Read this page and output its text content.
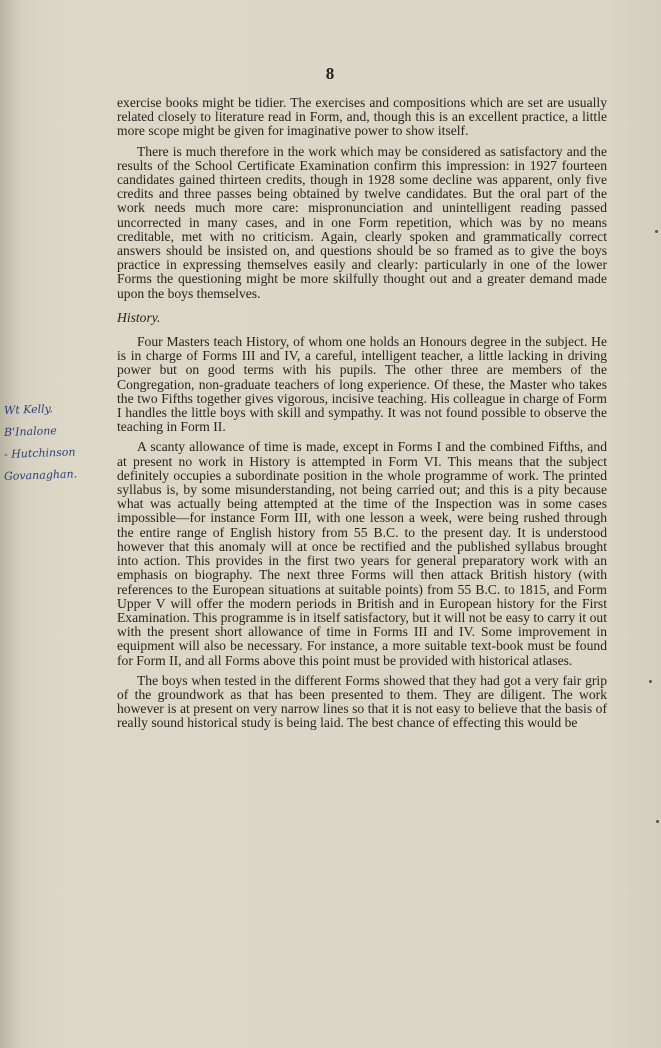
8
Wt Kelly.
B'Inalone
- Hutchinson
Govanaghan.

exercise books might be tidier. The exercises and compositions which are set are usually related closely to literature read in Form, and, though this is an excellent practice, a little more scope might be given for imaginative power to show itself.

There is much therefore in the work which may be considered as satisfactory and the results of the School Certificate Examination confirm this impression: in 1927 fourteen candidates gained thirteen credits, though in 1928 some decline was apparent, only five credits and three passes being obtained by twelve candidates. But the oral part of the work needs much more care: mispronunciation and unintelligent reading passed uncorrected in many cases, and in one Form repetition, which was by no means creditable, met with no criticism. Again, clearly spoken and grammatically correct answers should be insisted on, and questions should be so framed as to give the boys practice in expressing themselves easily and clearly: particularly in one of the lower Forms the questioning might be more skilfully thought out and a greater demand made upon the boys themselves.

History.

Four Masters teach History, of whom one holds an Honours degree in the subject. He is in charge of Forms III and IV, a careful, intelligent teacher, a little lacking in driving power but on good terms with his pupils. The other three are members of the Congregation, non-graduate teachers of long experience. Of these, the Master who takes the two Fifths together gives vigorous, incisive teaching. His colleague in charge of Form I handles the little boys with skill and sympathy. It was not found possible to observe the teaching in Form II.

A scanty allowance of time is made, except in Forms I and the combined Fifths, and at present no work in History is attempted in Form VI. This means that the subject definitely occupies a subordinate position in the whole programme of work. The printed syllabus is, by some misunderstanding, not being carried out; and this is a pity because what was actually being attempted at the time of the Inspection was in some cases impossible—for instance Form III, with one lesson a week, were being rushed through the entire range of English history from 55 B.C. to the present day. It is understood however that this anomaly will at once be rectified and the published syllabus brought into action. This provides in the first two years for general preparatory work with an emphasis on biography. The next three Forms will then attack British history (with references to the European situations at suitable points) from 55 B.C. to 1815, and Form Upper V will offer the modern periods in British and in European history for the First Examination. This programme is in itself satisfactory, but it will not be easy to carry it out with the present short allowance of time in Forms III and IV. Some improvement in equipment will also be necessary. For instance, a more suitable text-book must be found for Form II, and all Forms above this point must be provided with historical atlases.

The boys when tested in the different Forms showed that they had got a very fair grip of the groundwork as that has been presented to them. They are diligent. The work however is at present on very narrow lines so that it is not easy to believe that the basis of really sound historical study is being laid. The best chance of effecting this would be
